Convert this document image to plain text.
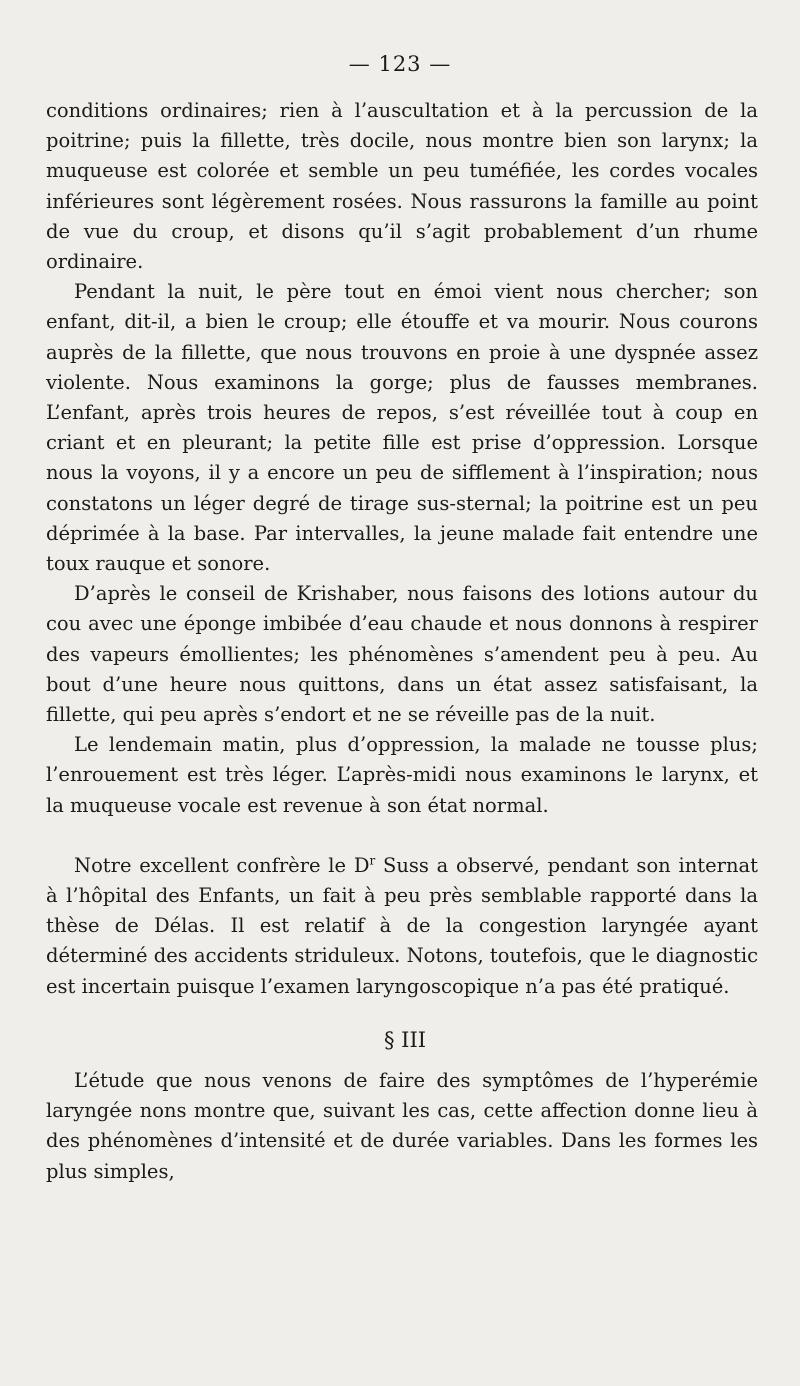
— 123 —

conditions ordinaires; rien à l’auscultation et à la percussion de la poitrine; puis la fillette, très docile, nous montre bien son larynx; la muqueuse est colorée et semble un peu tuméfiée, les cordes vocales inférieures sont légèrement rosées. Nous rassurons la famille au point de vue du croup, et disons qu’il s’agit probablement d’un rhume ordinaire.

Pendant la nuit, le père tout en émoi vient nous chercher; son enfant, dit-il, a bien le croup; elle étouffe et va mourir. Nous courons auprès de la fillette, que nous trouvons en proie à une dyspnée assez violente. Nous examinons la gorge; plus de fausses membranes. L’enfant, après trois heures de repos, s’est réveillée tout à coup en criant et en pleurant; la petite fille est prise d’oppression. Lorsque nous la voyons, il y a encore un peu de sifflement à l’inspiration; nous constatons un léger degré de tirage sus-sternal; la poitrine est un peu déprimée à la base. Par intervalles, la jeune malade fait entendre une toux rauque et sonore.

D’après le conseil de Krishaber, nous faisons des lotions autour du cou avec une éponge imbibée d’eau chaude et nous donnons à respirer des vapeurs émollientes; les phénomènes s’amendent peu à peu. Au bout d’une heure nous quittons, dans un état assez satisfaisant, la fillette, qui peu après s’endort et ne se réveille pas de la nuit.

Le lendemain matin, plus d’oppression, la malade ne tousse plus; l’enrouement est très léger. L’après-midi nous examinons le larynx, et la muqueuse vocale est revenue à son état normal.

Notre excellent confrère le $D^r$ Suss a observé, pendant son internat à l’hôpital des Enfants, un fait à peu près semblable rapporté dans la thèse de Délas. Il est relatif à de la congestion laryngée ayant déterminé des accidents striduleux. Notons, toutefois, que le diagnostic est incertain puisque l’examen laryngoscopique n’a pas été pratiqué.

§ III

L’étude que nous venons de faire des symptômes de l’hyperémie laryngée nons montre que, suivant les cas, cette affection donne lieu à des phénomènes d’intensité et de durée variables. Dans les formes les plus simples,
